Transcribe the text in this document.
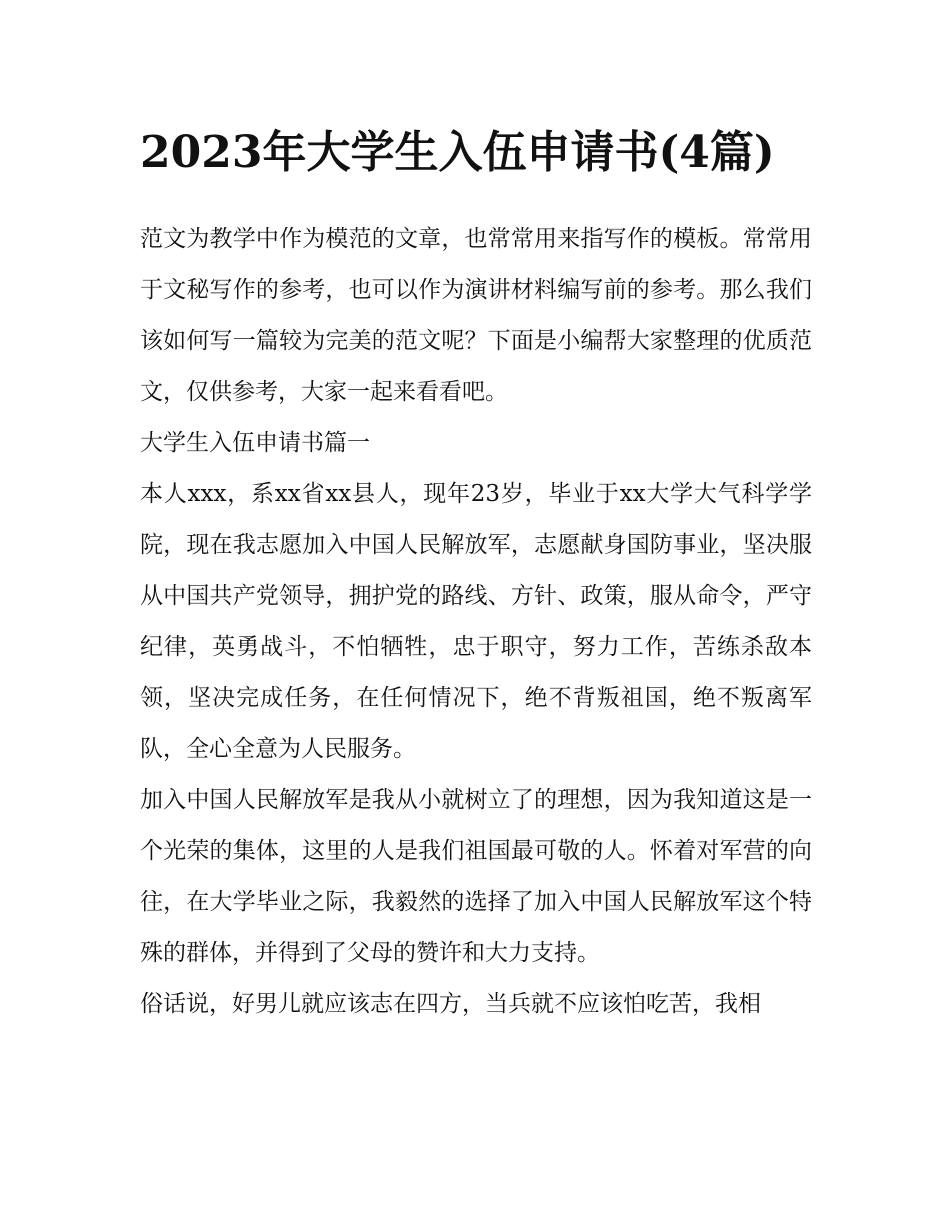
2023年大学生入伍申请书(4篇)

范文为教学中作为模范的文章，也常常用来指写作的模板。常常用于文秘写作的参考，也可以作为演讲材料编写前的参考。那么我们该如何写一篇较为完美的范文呢？下面是小编帮大家整理的优质范文，仅供参考，大家一起来看看吧。

大学生入伍申请书篇一

本人xxx，系xx省xx县人，现年23岁，毕业于xx大学大气科学学院，现在我志愿加入中国人民解放军，志愿献身国防事业，坚决服从中国共产党领导，拥护党的路线、方针、政策，服从命令，严守纪律，英勇战斗，不怕牺牲，忠于职守，努力工作，苦练杀敌本领，坚决完成任务，在任何情况下，绝不背叛祖国，绝不叛离军队，全心全意为人民服务。

加入中国人民解放军是我从小就树立了的理想，因为我知道这是一个光荣的集体，这里的人是我们祖国最可敬的人。怀着对军营的向往，在大学毕业之际，我毅然的选择了加入中国人民解放军这个特殊的群体，并得到了父母的赞许和大力支持。

俗话说，好男儿就应该志在四方，当兵就不应该怕吃苦，我相
